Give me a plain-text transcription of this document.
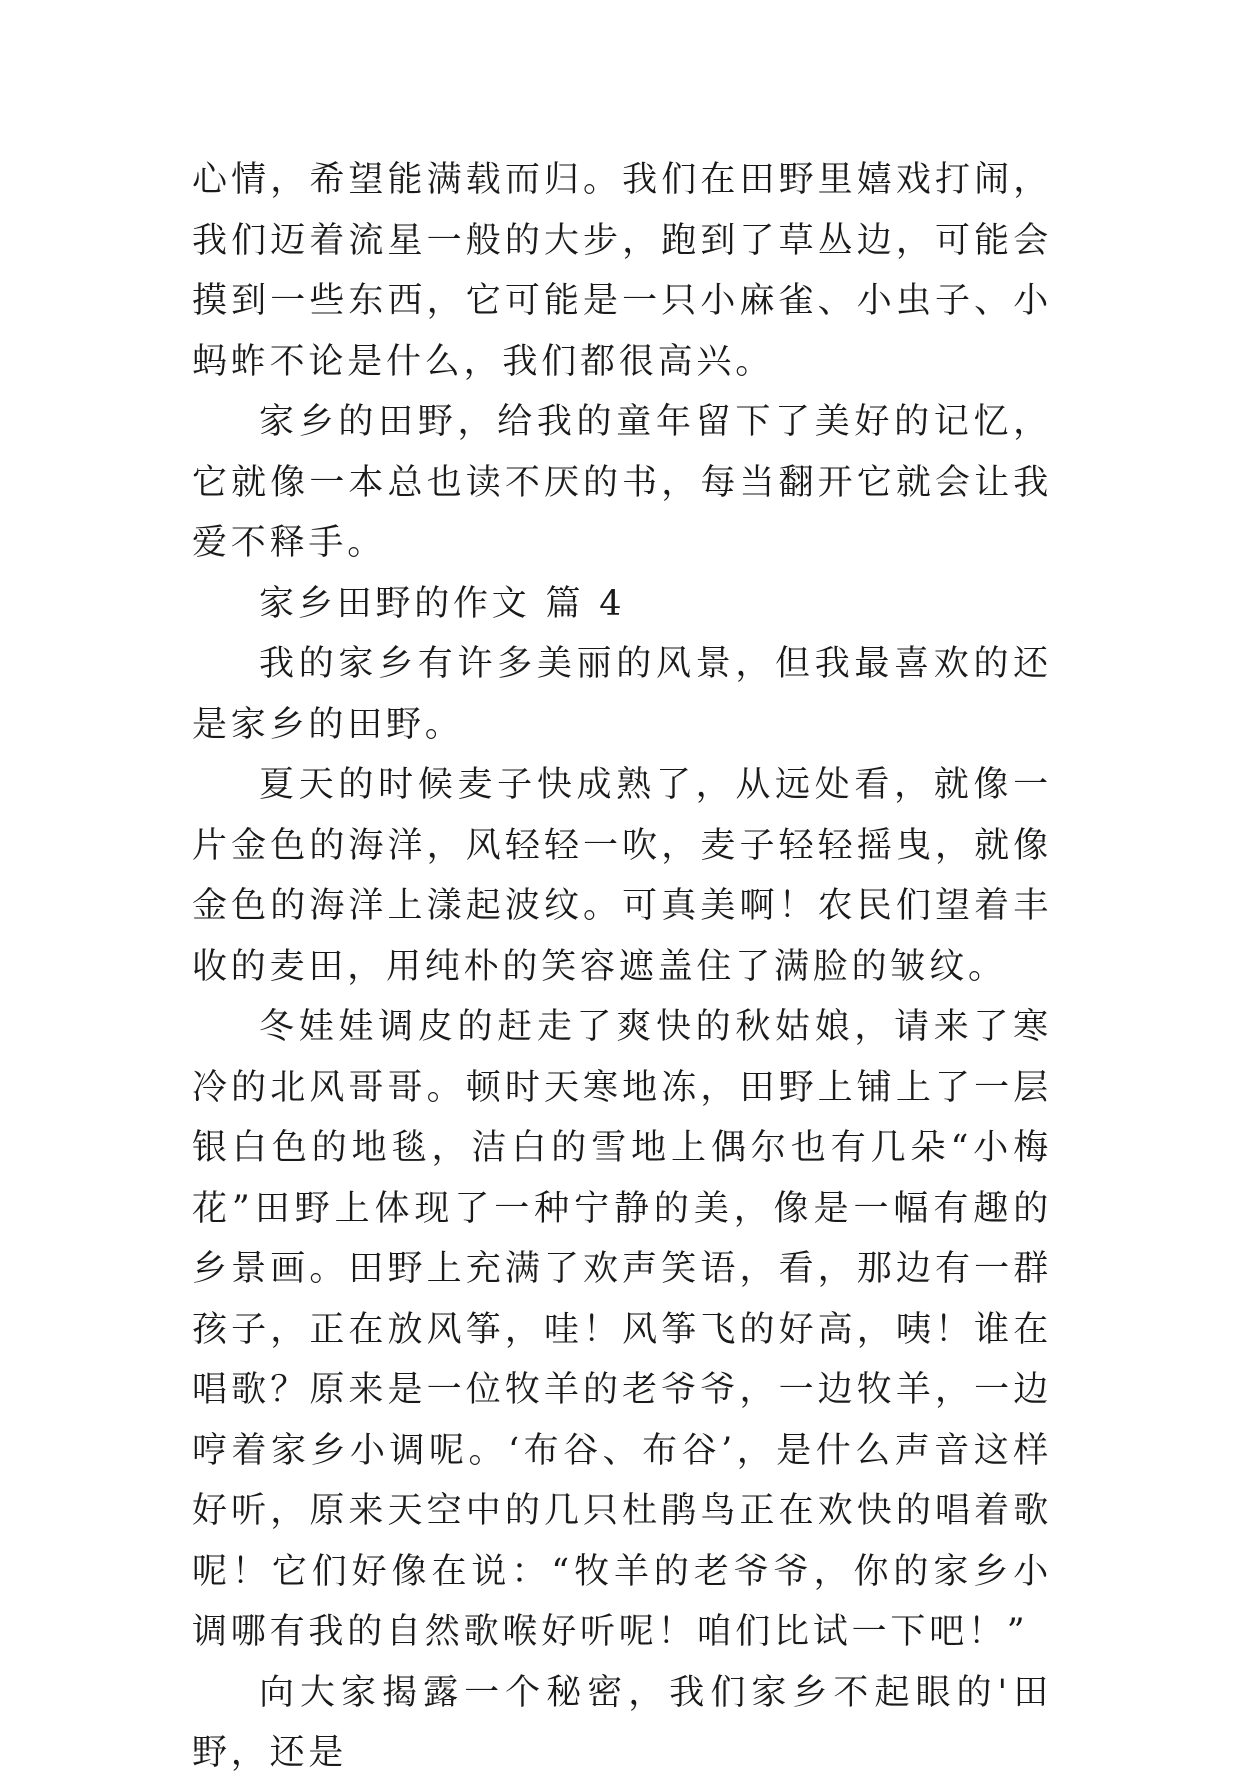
心情，希望能满载而归。我们在田野里嬉戏打闹，我们迈着流星一般的大步，跑到了草丛边，可能会摸到一些东西，它可能是一只小麻雀、小虫子、小蚂蚱不论是什么，我们都很高兴。

家乡的田野，给我的童年留下了美好的记忆，它就像一本总也读不厌的书，每当翻开它就会让我爱不释手。

家乡田野的作文 篇 4

我的家乡有许多美丽的风景，但我最喜欢的还是家乡的田野。

夏天的时候麦子快成熟了，从远处看，就像一片金色的海洋，风轻轻一吹，麦子轻轻摇曳，就像金色的海洋上漾起波纹。可真美啊！农民们望着丰收的麦田，用纯朴的笑容遮盖住了满脸的皱纹。

冬娃娃调皮的赶走了爽快的秋姑娘，请来了寒冷的北风哥哥。顿时天寒地冻，田野上铺上了一层银白色的地毯，洁白的雪地上偶尔也有几朵“小梅花”田野上体现了一种宁静的美，像是一幅有趣的乡景画。田野上充满了欢声笑语，看，那边有一群孩子，正在放风筝，哇！风筝飞的好高，咦！谁在唱歌？原来是一位牧羊的老爷爷，一边牧羊，一边哼着家乡小调呢。‘布谷、布谷’，是什么声音这样好听，原来天空中的几只杜鹃鸟正在欢快的唱着歌呢！它们好像在说：“牧羊的老爷爷，你的家乡小调哪有我的自然歌喉好听呢！咱们比试一下吧！”

向大家揭露一个秘密，我们家乡不起眼的'田野，还是
